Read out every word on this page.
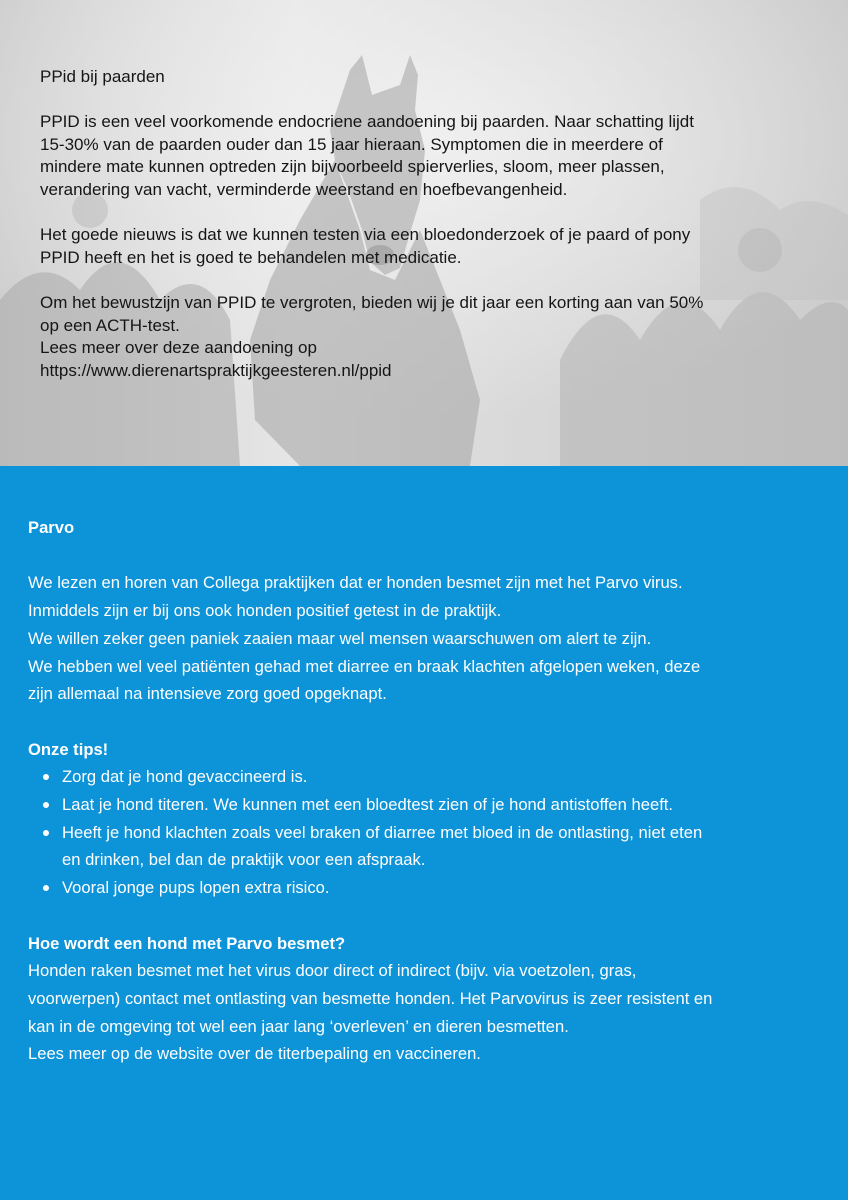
PPid bij paarden

PPID is een veel voorkomende endocriene aandoening bij paarden. Naar schatting lijdt

15-30% van de paarden ouder dan 15 jaar hieraan. Symptomen die in meerdere of

mindere mate kunnen optreden zijn bijvoorbeeld spierverlies, sloom, meer plassen,

verandering van vacht, verminderde weerstand en hoefbevangenheid.

Het goede nieuws is dat we kunnen testen via een bloedonderzoek of je paard of pony

PPID heeft en het is goed te behandelen met medicatie.

Om het bewustzijn van PPID te vergroten, bieden wij je dit jaar een korting aan van 50%

op een ACTH-test.

Lees meer over deze aandoening op

https://www.dierenartspraktijkgeesteren.nl/ppid

Parvo

We lezen en horen van Collega praktijken dat er honden besmet zijn met het Parvo virus.

Inmiddels zijn er bij ons ook honden positief getest in de praktijk.

We willen zeker geen paniek zaaien maar wel mensen waarschuwen om alert te zijn.

We hebben wel veel patiënten gehad met diarree en braak klachten afgelopen weken, deze

zijn allemaal na intensieve zorg goed opgeknapt.

Onze tips!

Zorg dat je hond gevaccineerd is.
Laat je hond titeren. We kunnen met een bloedtest zien of je hond antistoffen heeft.
Heeft je hond klachten zoals veel braken of diarree met bloed in de ontlasting, niet eten
en drinken, bel dan de praktijk voor een afspraak.
Vooral jonge pups lopen extra risico.

Hoe wordt een hond met Parvo besmet?

Honden raken besmet met het virus door direct of indirect (bijv. via voetzolen, gras,

voorwerpen) contact met ontlasting van besmette honden. Het Parvovirus is zeer resistent en

kan in de omgeving tot wel een jaar lang ‘overleven’ en dieren besmetten.

Lees meer op de website over de titerbepaling en vaccineren.
